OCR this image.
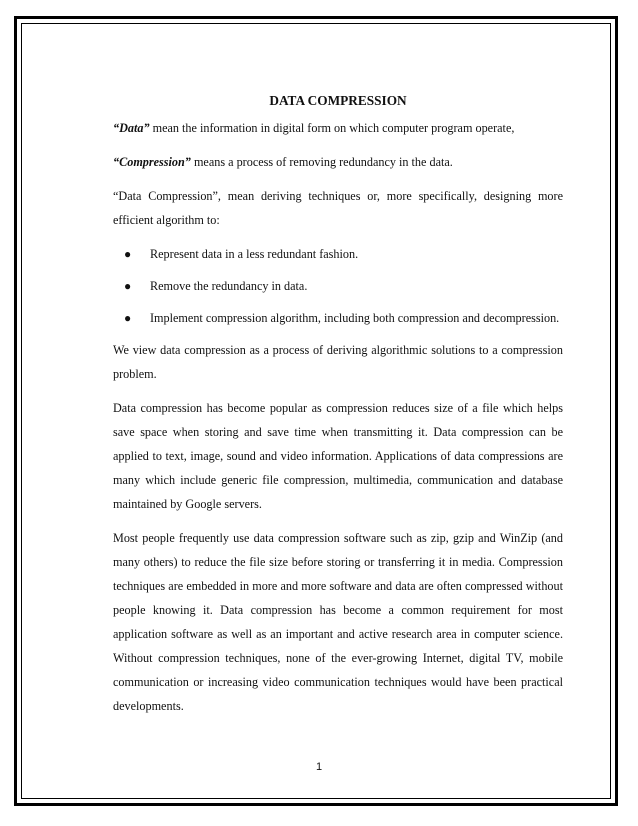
DATA COMPRESSION

“Data” mean the information in digital form on which computer program operate,

“Compression” means a process of removing redundancy in the data.

“Data Compression”, mean deriving techniques or, more specifically, designing more efficient algorithm to:

● Represent data in a less redundant fashion.
● Remove the redundancy in data.
● Implement compression algorithm, including both compression and decompression.

We view data compression as a process of deriving algorithmic solutions to a compression problem.

Data compression has become popular as compression reduces size of a file which helps save space when storing and save time when transmitting it. Data compression can be applied to text, image, sound and video information. Applications of data compressions are many which include generic file compression, multimedia, communication and database maintained by Google servers.

Most people frequently use data compression software such as zip, gzip and WinZip (and many others) to reduce the file size before storing or transferring it in media. Compression techniques are embedded in more and more software and data are often compressed without people knowing it. Data compression has become a common requirement for most application software as well as an important and active research area in computer science. Without compression techniques, none of the ever-growing Internet, digital TV, mobile communication or increasing video communication techniques would have been practical developments.

1
